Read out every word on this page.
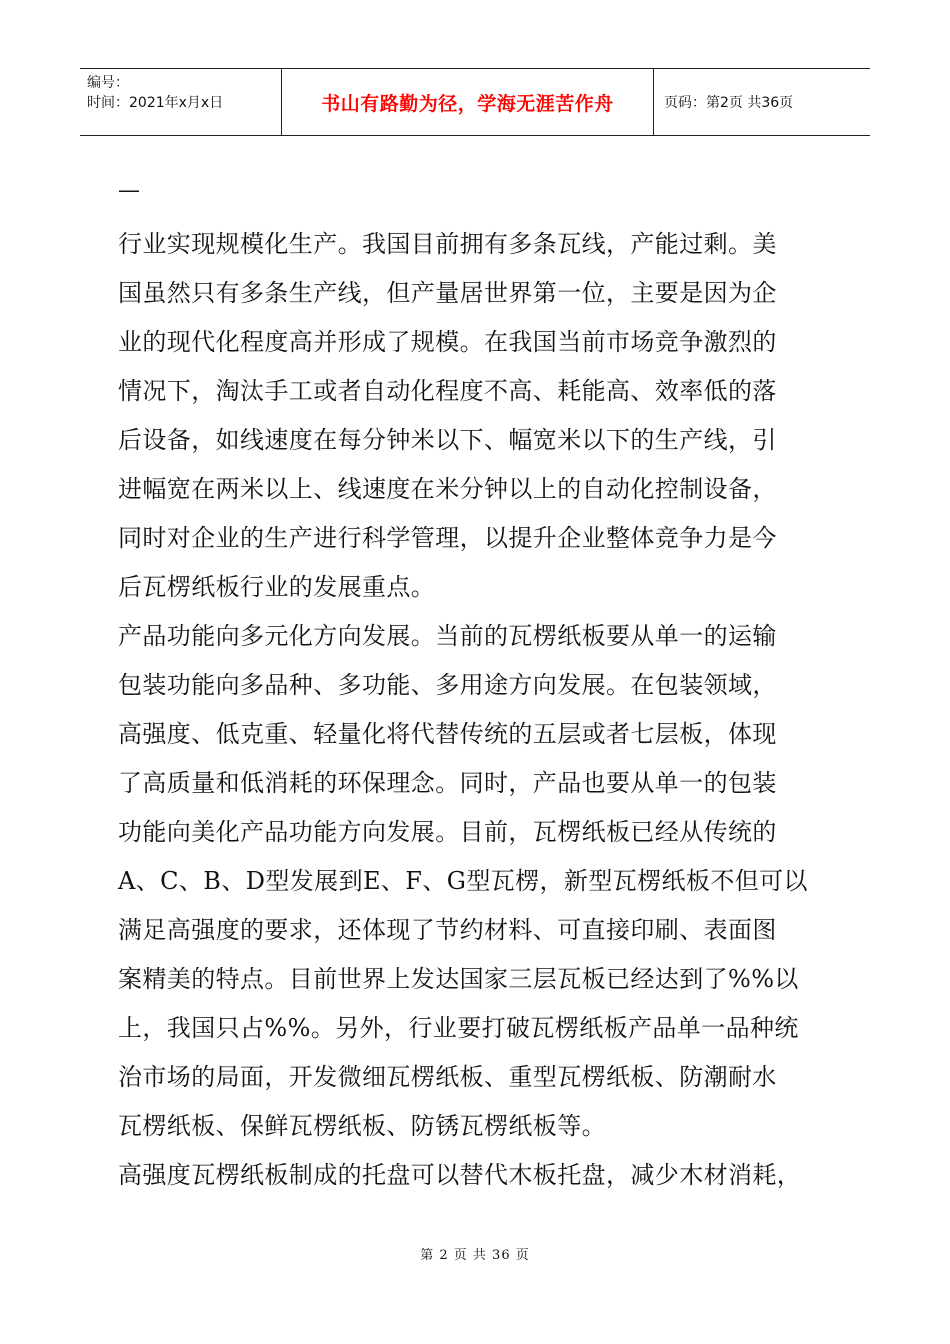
编号：
时间：2021年x月x日	书山有路勤为径，学海无涯苦作舟	页码：第2页 共36页
—
行业实现规模化生产。我国目前拥有多条瓦线，产能过剩。美
国虽然只有多条生产线，但产量居世界第一位，主要是因为企
业的现代化程度高并形成了规模。在我国当前市场竞争激烈的
情况下，淘汰手工或者自动化程度不高、耗能高、效率低的落
后设备，如线速度在每分钟米以下、幅宽米以下的生产线，引
进幅宽在两米以上、线速度在米分钟以上的自动化控制设备，
同时对企业的生产进行科学管理，以提升企业整体竞争力是今
后瓦楞纸板行业的发展重点。
产品功能向多元化方向发展。当前的瓦楞纸板要从单一的运输
包装功能向多品种、多功能、多用途方向发展。在包装领域，
高强度、低克重、轻量化将代替传统的五层或者七层板，体现
了高质量和低消耗的环保理念。同时，产品也要从单一的包装
功能向美化产品功能方向发展。目前，瓦楞纸板已经从传统的
A、C、B、D型发展到E、F、G型瓦楞，新型瓦楞纸板不但可以
满足高强度的要求，还体现了节约材料、可直接印刷、表面图
案精美的特点。目前世界上发达国家三层瓦板已经达到了%%以
上，我国只占%%。另外，行业要打破瓦楞纸板产品单一品种统
治市场的局面，开发微细瓦楞纸板、重型瓦楞纸板、防潮耐水
瓦楞纸板、保鲜瓦楞纸板、防锈瓦楞纸板等。
高强度瓦楞纸板制成的托盘可以替代木板托盘，减少木材消耗，
第 2 页 共 36 页
